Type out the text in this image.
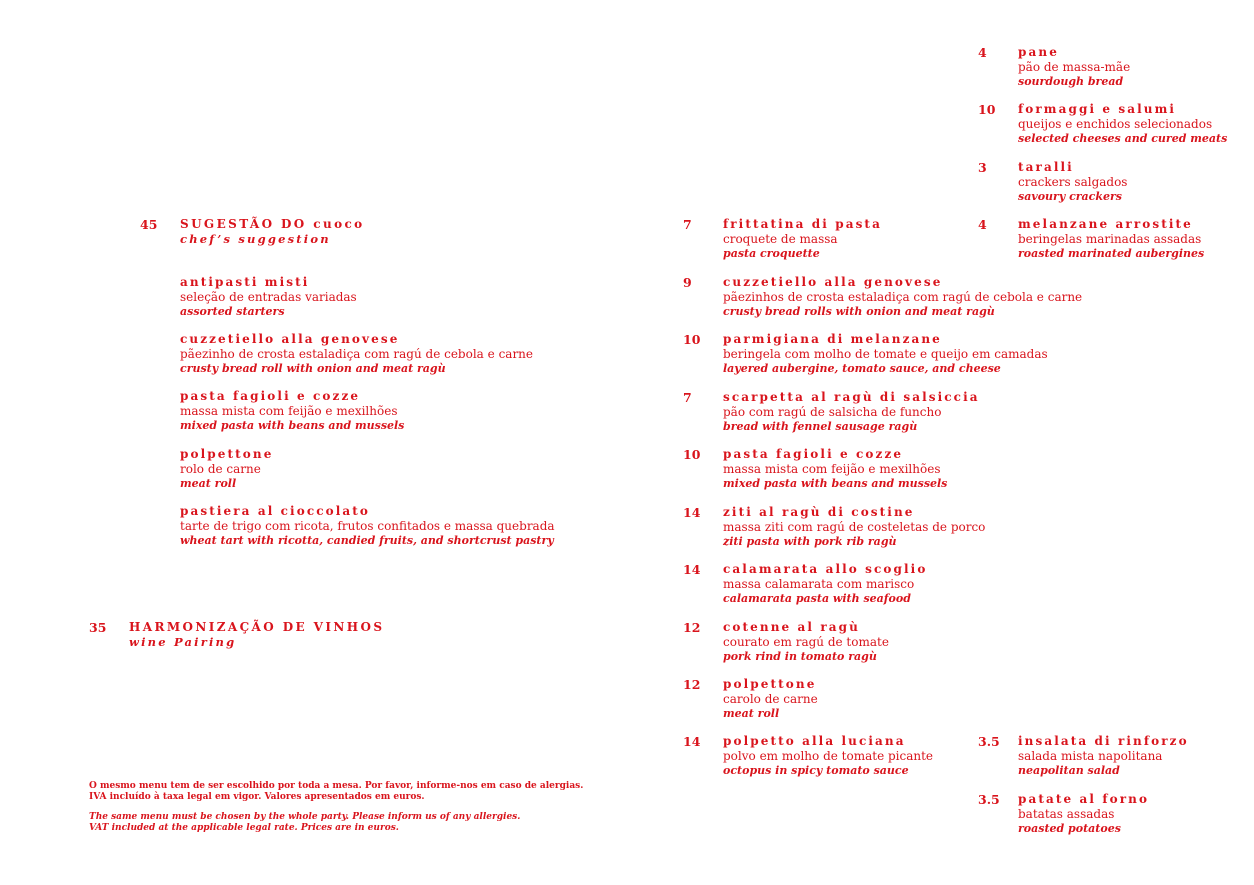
45 SUGESTÃO DO cuoco
chef’s suggestion
antipasti misti
seleção de entradas variadas
assorted starters
cuzzetiello alla genovese
pãezinho de crosta estaladiça com ragú de cebola e carne
crusty bread roll with onion and meat ragù
pasta fagioli e cozze
massa mista com feijão e mexilhões
mixed pasta with beans and mussels
polpettone
rolo de carne
meat roll
pastiera al cioccolato
tarte de trigo com ricota, frutos confitados e massa quebrada
wheat tart with ricotta, candied fruits, and shortcrust pastry
35 HARMONIZAÇÃO DE VINHOS
wine Pairing
O mesmo menu tem de ser escolhido por toda a mesa. Por favor, informe-nos em caso de alergias.
IVA incluído à taxa legal em vigor. Valores apresentados em euros.
The same menu must be chosen by the whole party. Please inform us of any allergies.
VAT included at the applicable legal rate. Prices are in euros.
7	frittatina di pasta
croquete de massa
pasta croquette
9	cuzzetiello alla genovese
pãezinhos de crosta estaladiça com ragú de cebola e carne
crusty bread rolls with onion and meat ragù
10 parmigiana di melanzane
beringela com molho de tomate e queijo em camadas
layered aubergine, tomato sauce, and cheese
7	scarpetta al ragù di salsiccia
pão com ragú de salsicha de funcho
bread with fennel sausage ragù
10 pasta fagioli e cozze
massa mista com feijão e mexilhões
mixed pasta with beans and mussels
14 ziti al ragù di costine
massa ziti com ragú de costeletas de porco
ziti pasta with pork rib ragù
14 calamarata allo scoglio
massa calamarata com marisco
calamarata pasta with seafood
12 cotenne al ragù
courato em ragú de tomate
pork rind in tomato ragù
12 polpettone
carolo de carne
meat roll
14 polpetto alla luciana
polvo em molho de tomate picante
octopus in spicy tomato sauce
4	pane
pão de massa-mãe
sourdough bread
10 formaggi e salumi
queijos e enchidos selecionados
selected cheeses and cured meats
3	taralli
crackers salgados
savoury crackers
4	melanzane arrostite
beringelas marinadas assadas
roasted marinated aubergines
3.5 insalata di rinforzo
salada mista napolitana
neapolitan salad
3.5 patate al forno
batatas assadas
roasted potatoes
